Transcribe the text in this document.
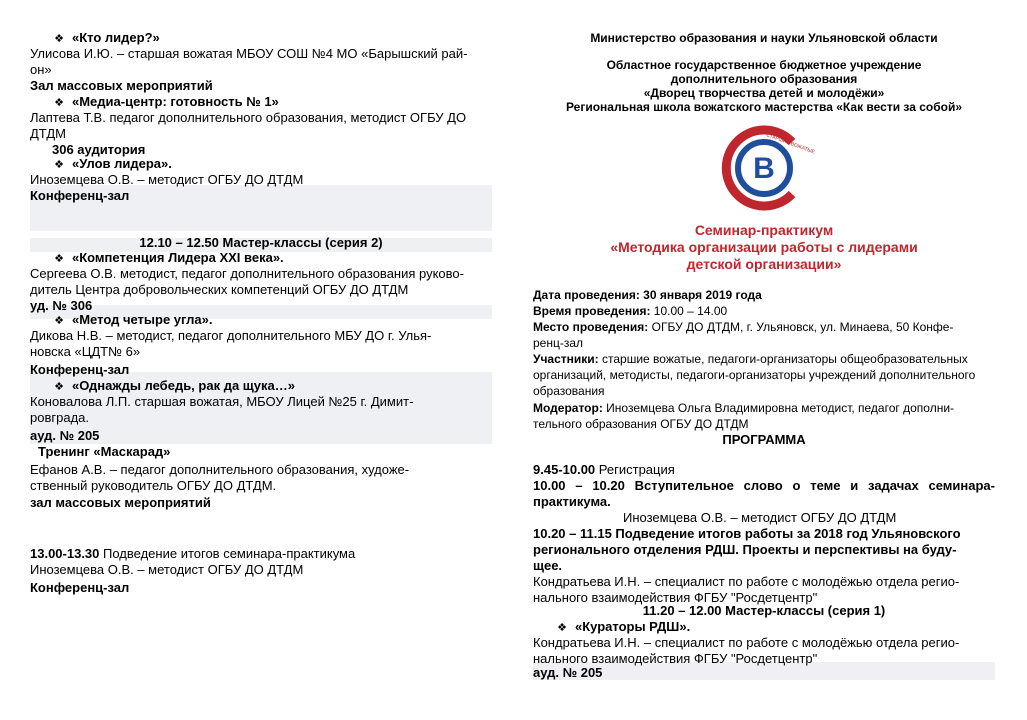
❖ «Кто лидер?»
Улисова И.Ю. – старшая вожатая МБОУ СОШ №4 МО «Барышский рай-
он»
Зал массовых мероприятий
❖ «Медиа-центр: готовность № 1»
Лаптева Т.В. педагог дополнительного образования, методист ОГБУ ДО
ДТДМ
306 аудитория
❖ «Улов лидера».
Иноземцева О.В. – методист ОГБУ ДО ДТДМ
Конференц-зал
12.10 – 12.50 Мастер-классы (серия 2)
❖ «Компетенция Лидера XXI века».
Сергеева О.В. методист, педагог дополнительного образования руково-
дитель Центра добровольческих компетенций ОГБУ ДО ДТДМ
уд. № 306
❖ «Метод четыре угла».
Дикова Н.В. – методист, педагог дополнительного МБУ ДО г. Улья-
новска «ЦДТ№ 6»
Конференц-зал
❖ «Однажды лебедь, рак да щука…»
Коновалова Л.П. старшая вожатая, МБОУ Лицей №25 г. Димит-
ровграда.
ауд. № 205
Тренинг «Маскарад»
Ефанов А.В. – педагог дополнительного образования, художе-
ственный руководитель ОГБУ ДО ДТДМ.
зал массовых мероприятий
13.00-13.30 Подведение итогов семинара-практикума
Иноземцева О.В. – методист ОГБУ ДО ДТДМ
Конференц-зал
В
СТАРШИЕ ВОЖАТЫЕ
Министерство образования и науки Ульяновской области
Областное государственное бюджетное учреждение
дополнительного образования
«Дворец творчества детей и молодёжи»
Региональная школа вожатского мастерства «Как вести за собой»
Семинар-практикум
«Методика организации работы с лидерами
детской организации»
Дата проведения: 30 января 2019 года
Время проведения: 10.00 – 14.00
Место проведения: ОГБУ ДО ДТДМ, г. Ульяновск, ул. Минаева, 50 Конфе-
ренц-зал
Участники: старшие вожатые, педагоги-организаторы общеобразовательных
организаций, методисты, педагоги-организаторы учреждений дополнительного
образования
Модератор: Иноземцева Ольга Владимировна методист, педагог дополни-
тельного образования ОГБУ ДО ДТДМ
ПРОГРАММА
9.45-10.00 Регистрация
10.00 – 10.20 Вступительное слово о теме и задачах семинара-
практикума.
Иноземцева О.В. – методист ОГБУ ДО ДТДМ
10.20 – 11.15 Подведение итогов работы за 2018 год Ульяновского
регионального отделения РДШ. Проекты и перспективы на буду-
щее.
Кондратьева И.Н. – специалист по работе с молодёжью отдела регио-
нального взаимодействия ФГБУ "Росдетцентр"
11.20 – 12.00 Мастер-классы (серия 1)
❖ «Кураторы РДШ».
Кондратьева И.Н. – специалист по работе с молодёжью отдела регио-
нального взаимодействия ФГБУ "Росдетцентр"
ауд. № 205
